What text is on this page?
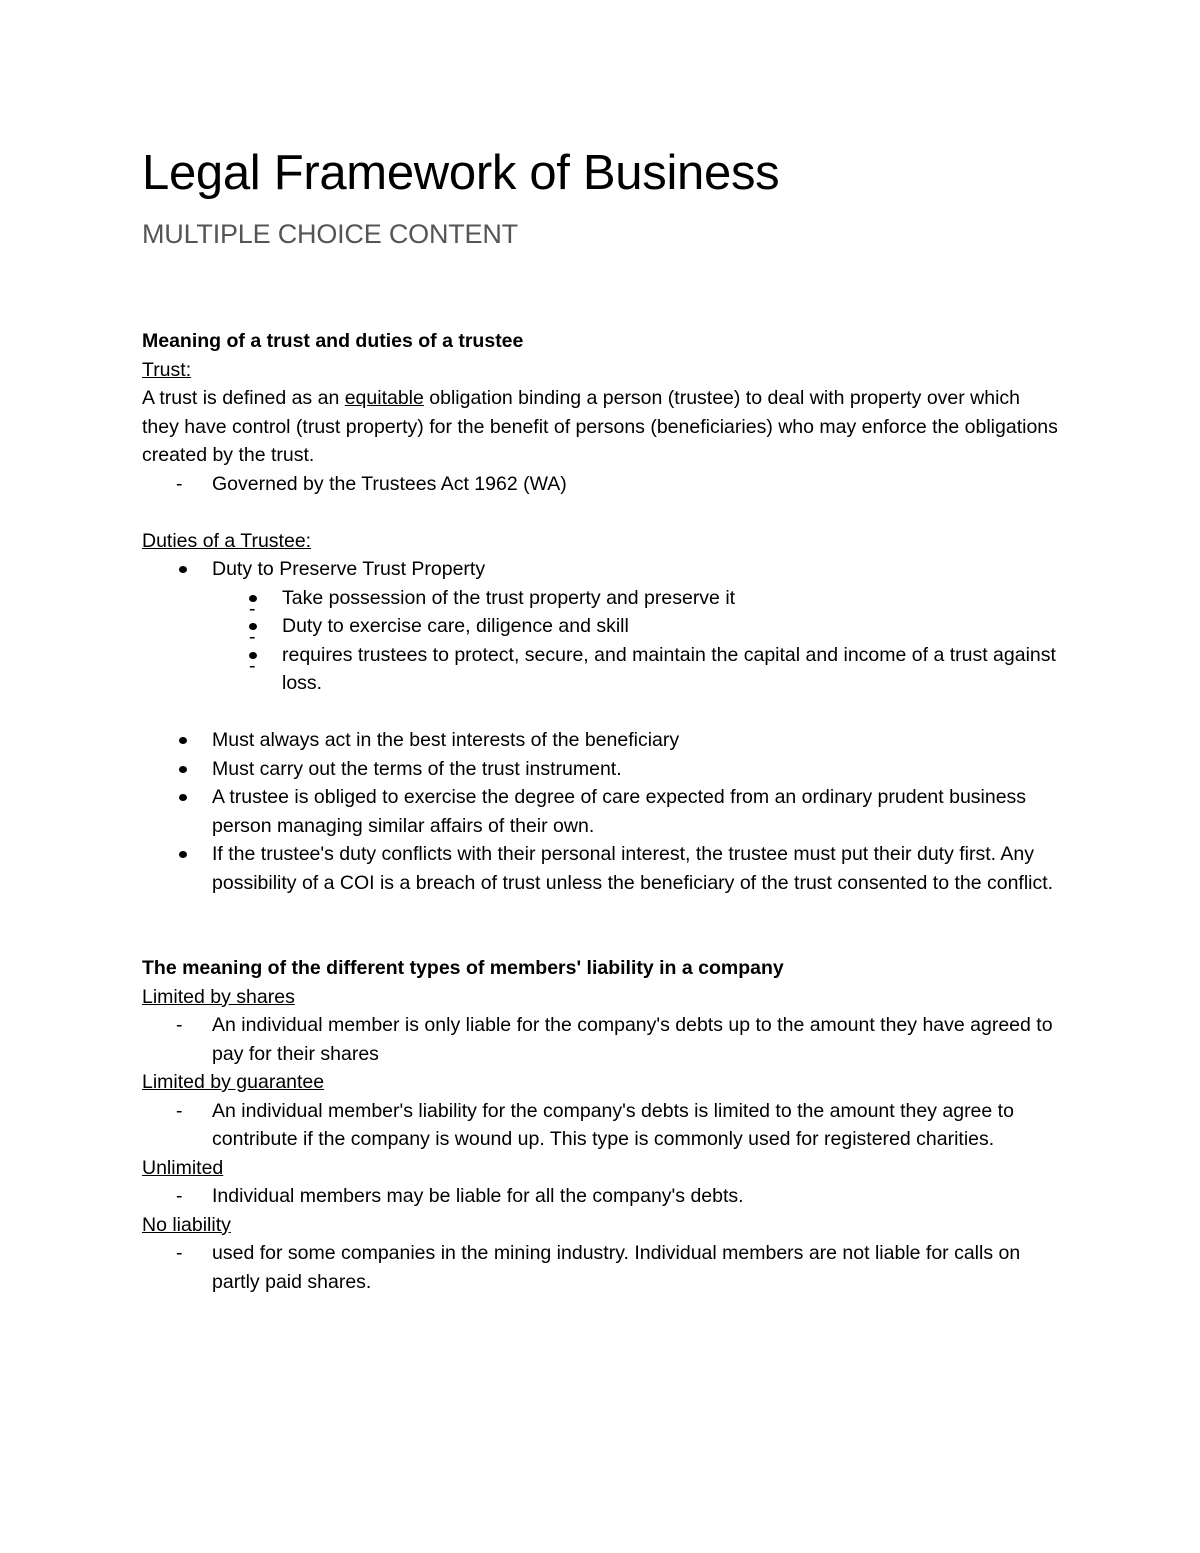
Legal Framework of Business
MULTIPLE CHOICE CONTENT
Meaning of a trust and duties of a trustee
Trust:
A trust is defined as an equitable obligation binding a person (trustee) to deal with property over which they have control (trust property) for the benefit of persons (beneficiaries) who may enforce the obligations created by the trust.
- Governed by the Trustees Act 1962 (WA)
Duties of a Trustee:
Duty to Preserve Trust Property
- Take possession of the trust property and preserve it
- Duty to exercise care, diligence and skill
- requires trustees to protect, secure, and maintain the capital and income of a trust against loss.
Must always act in the best interests of the beneficiary
Must carry out the terms of the trust instrument.
A trustee is obliged to exercise the degree of care expected from an ordinary prudent business person managing similar affairs of their own.
If the trustee's duty conflicts with their personal interest, the trustee must put their duty first. Any possibility of a COI is a breach of trust unless the beneficiary of the trust consented to the conflict.
The meaning of the different types of members' liability in a company
Limited by shares
- An individual member is only liable for the company's debts up to the amount they have agreed to pay for their shares
Limited by guarantee
- An individual member's liability for the company's debts is limited to the amount they agree to contribute if the company is wound up. This type is commonly used for registered charities.
Unlimited
- Individual members may be liable for all the company's debts.
No liability
- used for some companies in the mining industry. Individual members are not liable for calls on partly paid shares.
